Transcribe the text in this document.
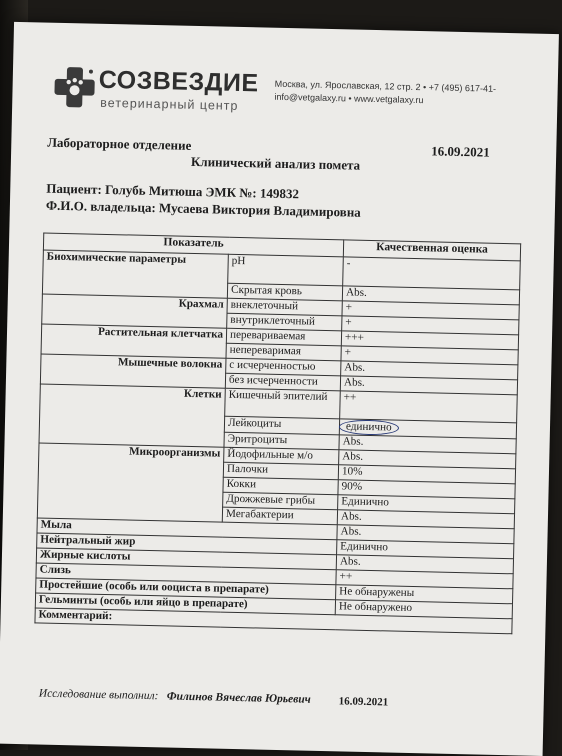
СОЗВЕЗДИЕ
ветеринарный центр
Москва, ул. Ярославская, 12 стр. 2 • +7 (495) 617-41-
info@vetgalaxy.ru • www.vetgalaxy.ru
Лабораторное отделение	16.09.2021
Клинический анализ помета
Пациент: Голубь Митюша ЭМК №: 149832
Ф.И.О. владельца: Мусаева Виктория Владимировна
Показатель		Качественная оценка
Биохимические параметры	pH	-
	Скрытая кровь	Abs.
Крахмал	внеклеточный	+
	внутриклеточный	+
Растительная клетчатка	перевариваемая	+++
	непереваримая	+
Мышечные волокна	с исчерченностью	Abs.
	без исчерченности	Abs.
Клетки	Кишечный эпителий	++
	Лейкоциты	единично
	Эритроциты	Abs.
Микроорганизмы	Йодофильные м/о	Abs.
	Палочки	10%
	Кокки	90%
	Дрожжевые грибы	Единично
	Мегабактерии	Abs.
Мыла		Abs.
Нейтральный жир		Единично
Жирные кислоты		Abs.
Слизь		++
Простейшие (особь или ооциста в препарате)		Не обнаружены
Гельминты (особь или яйцо в препарате)		Не обнаружено
Комментарий:		
Исследование выполнил: Филинов Вячеслав Юрьевич	16.09.2021
